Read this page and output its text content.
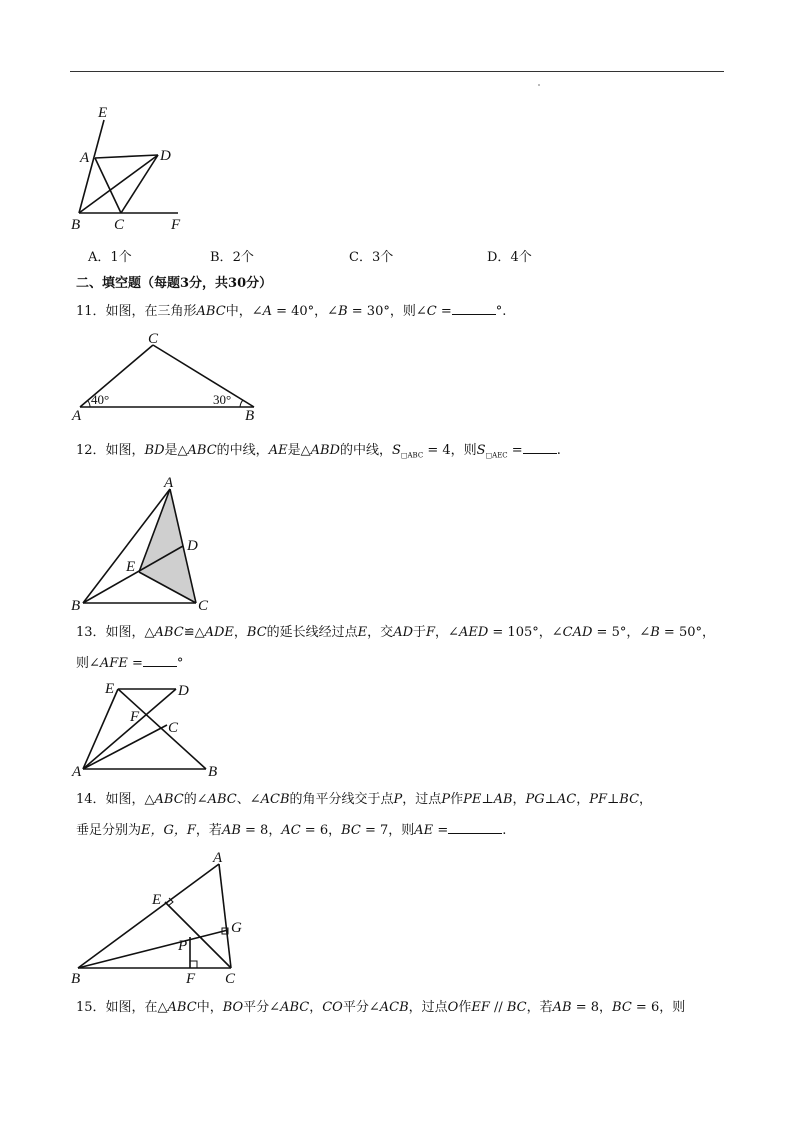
E
A	D
B C	F
A．1个	B．2个	C．3个	D．4个
二、填空题（每题3分，共30分）
11．如图，在三角形ABC中，∠A = 40°，∠B = 30°，则∠C =	°.
C
A	B
40°	30°
12．如图，BD是△ABC的中线，AE是△ABD的中线，$S_{□ABC} = 4$，则$S_{□AEC}$ =	.
A
D
E
B	C
13．如图，△ABC≌△ADE，BC的延长线经过点E，交AD于F，∠AED = 105°，∠CAD = 5°，∠B = 50°，
则∠AFE =	°
E	D
F
C
A	B
14．如图，△ABC的∠ABC、∠ACB的角平分线交于点P，过点P作PE⊥AB，PG⊥AC，PF⊥BC，
垂足分别为E，G，F，若AB = 8，AC = 6，BC = 7，则AE =	.
A
E
G
P
B	F C
15．如图，在△ABC中，BO平分∠ABC，CO平分∠ACB，过点O作EF // BC，若AB = 8，BC = 6，则
